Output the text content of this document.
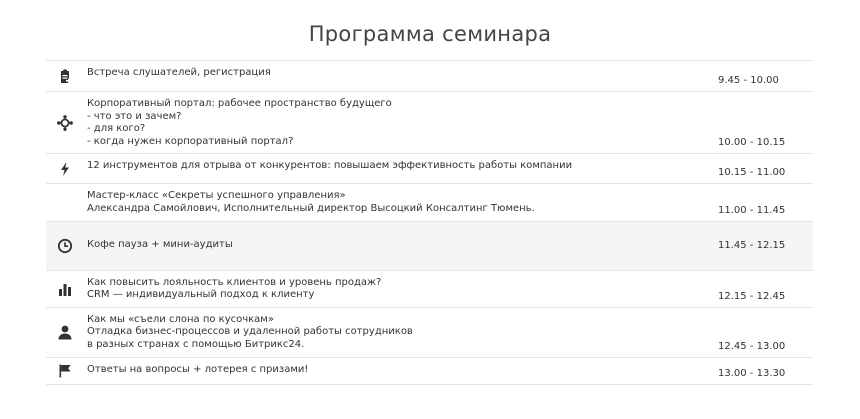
Программа семинара

Встреча слушателей, регистрация	9.45 - 10.00

Корпоративный портал: рабочее пространство будущего
- что это и зачем?
- для кого?
- когда нужен корпоративный портал?	10.00 - 10.15

12 инструментов для отрыва от конкурентов: повышаем эффективность работы компании	10.15 - 11.00

	Мастер-класс «Секреты успешного управления»
Александра Самойлович, Исполнительный директор Высоцкий Консалтинг Тюмень.	11.00 - 11.45

Кофе пауза + мини-аудиты	11.45 - 12.15

Как повысить лояльность клиентов и уровень продаж?
CRM — индивидуальный подход к клиенту	12.15 - 12.45

Как мы «съели слона по кусочкам»
Отладка бизнес-процессов и удаленной работы сотрудников
в разных странах с помощью Битрикс24.	12.45 - 13.00

Ответы на вопросы + лотерея с призами!	13.00 - 13.30
